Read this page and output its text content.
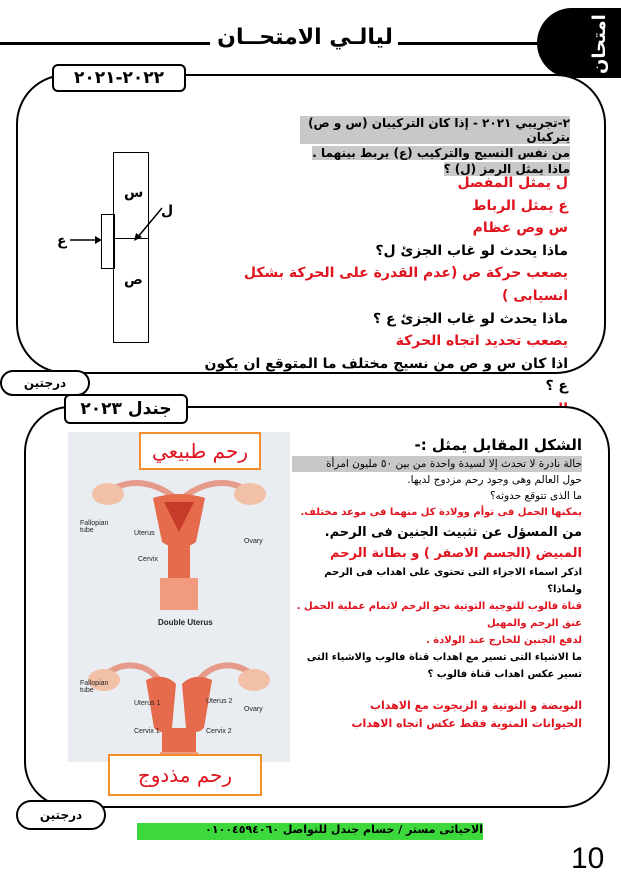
ليالـي الامتحــان	امتحان
٢٠٢٢-٢٠٢١
س
ص
ع
ل
٢-تجريبي ٢٠٢١ - إذا كان التركيبان (س و ص) يتركبان من نفس النسيج والتركيب (ع) يربط بينهما .
ماذا يمثل الرمز (ل) ؟
ل يمثل المفصل
ع يمثل الرباط
س وص عظام
ماذا يحدث لو غاب الجزئ ل؟
يصعب حركة ص (عدم القدرة على الحركة بشكل انسيابى )
ماذا يحدث لو غاب الجزئ ع ؟
يصعب تحديد اتجاه الحركة
اذا كان س و ص من نسيج مختلف ما المتوقع ان يكون ع ؟
درجتين
جندل ٢٠٢٣
رحم طبيعي
رحم مذدوج
Fallopian tube	Uterus
Cervix
Ovary
Double Uterus
Fallopian tube
Uterus 1	Uterus 2
Ovary
Cervix 1	Cervix 2
الشكل المقابل يمثل :-
حالة نادرة لا تحدث إلا لسيدة واحدة من بين ٥٠ مليون امرأة
حول العالم وهى وجود رحم مزدوج لديها.
ما الذى تتوقع حدوثه؟
يمكنها الحمل فى توأم وولادة كل منهما فى موعد مختلف.
من المسؤل عن تثبيت الجنين فى الرحم.
المبيض (الجسم الاصفر ) و بطانة الرحم
اذكر اسماء الاجزاء التى تحتوى على اهداب فى الرحم ولماذا؟
قناة فالوب للتوجية التوتية نحو الرحم لاتمام عملية الحمل .
عنق الرحم والمهبل
لدفع الجنين للخارج عند الولادة .
ما الاشياء التى تسير مع اهداب قناة فالوب والاشياء التى
تسير عكس اهداب قناة فالوب ؟
البويضة و التوتية و الزيجوت مع الاهداب
الحيوانات المنوية فقط عكس اتجاه الاهداب
درجتين
الاحيائى مستر / حسام جندل للتواصل ٠١٠٠٤٥٩٤٠٦٠
10
